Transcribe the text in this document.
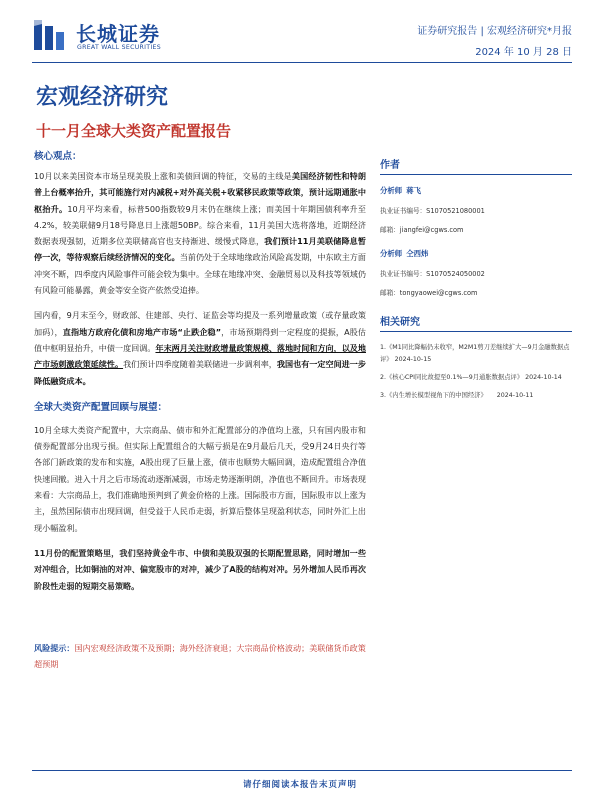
长城证券
GREAT WALL SECURITIES
证券研究报告 | 宏观经济研究*月报
2024 年 10 月 28 日
宏观经济研究
十一月全球大类资产配置报告
核心观点：
10月以来美国资本市场呈现美股上涨和美债回调的特征，交易的主线是美国经济韧性和特朗普上台概率抬升，其可能施行对内减税+对外高关税+收紧移民政策等政策，预计远期通胀中枢抬升。10月平均来看，标普500指数较9月末仍在继续上涨；而美国十年期国债利率升至4.2%，较美联储9月18号降息日上涨超50BP。综合来看，11月美国大选将落地，近期经济数据表现强韧，近期多位美联储高官也支持渐进、缓慢式降息，我们预计11月美联储降息暂停一次，等待观察后续经济情况的变化。当前仍处于全球地缘政治风险高发期，中东欧主方面冲突不断，四季度内风险事件可能会较为集中。全球在地缘冲突、金融贸易以及科技等领域仍有风险可能暴露，黄金等安全资产依然受追捧。
国内看，9月末至今，财政部、住建部、央行、证监会等均提及一系列增量政策（或存量政策加码），直指地方政府化债和房地产市场“止跌企稳”，市场预期得到一定程度的提振，A股估值中枢明显抬升，中债一度回调。年末两月关注财政增量政策规模、落地时间和方向，以及地产市场刺激政策延续性。我们预计四季度随着美联储进一步调利率，我国也有一定空间进一步降低融资成本。
全球大类资产配置回顾与展望：
10月全球大类资产配置中，大宗商品、债市和外汇配置部分的净值均上涨，只有国内股市和债券配置部分出现亏损。但实际上配置组合的大幅亏损是在9月最后几天，受9月24日央行等各部门新政策的发布和实施，A股出现了巨量上涨，债市也顺势大幅回调，造成配置组合净值快速回撤。进入十月之后市场流动逐渐减弱，市场走势逐渐明朗，净值也不断回升。市场表现来看：大宗商品上，我们准确地预判到了黄金价格的上涨。国际股市方面，国际股市以上涨为主，虽然国际债市出现回调，但受益于人民币走弱，折算后整体呈现盈利状态，同时外汇上出现小幅盈利。
11月份的配置策略里，我们坚持黄金牛市、中债和美股双强的长期配置思路，同时增加一些对冲组合，比如铜油的对冲、偏宽股市的对冲，减少了A股的结构对冲。另外增加人民币再次阶段性走弱的短期交易策略。
风险提示：国内宏观经济政策不及预期；海外经济衰退；大宗商品价格波动；美联储货币政策超预期
作者
分析师 蒋飞
执业证书编号：S1070521080001
邮箱：jiangfei@cgws.com
分析师 仝西炜
执业证书编号：S1070524050002
邮箱：tongyaowei@cgws.com
相关研究
1.《M1同比降幅仍未收窄，M2M1剪刀差继续扩大—9月金融数据点评》 2024-10-15
2.《核心CPI同比故提至0.1%—9月通胀数据点评》 2024-10-14
3.《内生增长模型视角下的中国经济》 2024-10-11
请仔细阅读本报告末页声明
